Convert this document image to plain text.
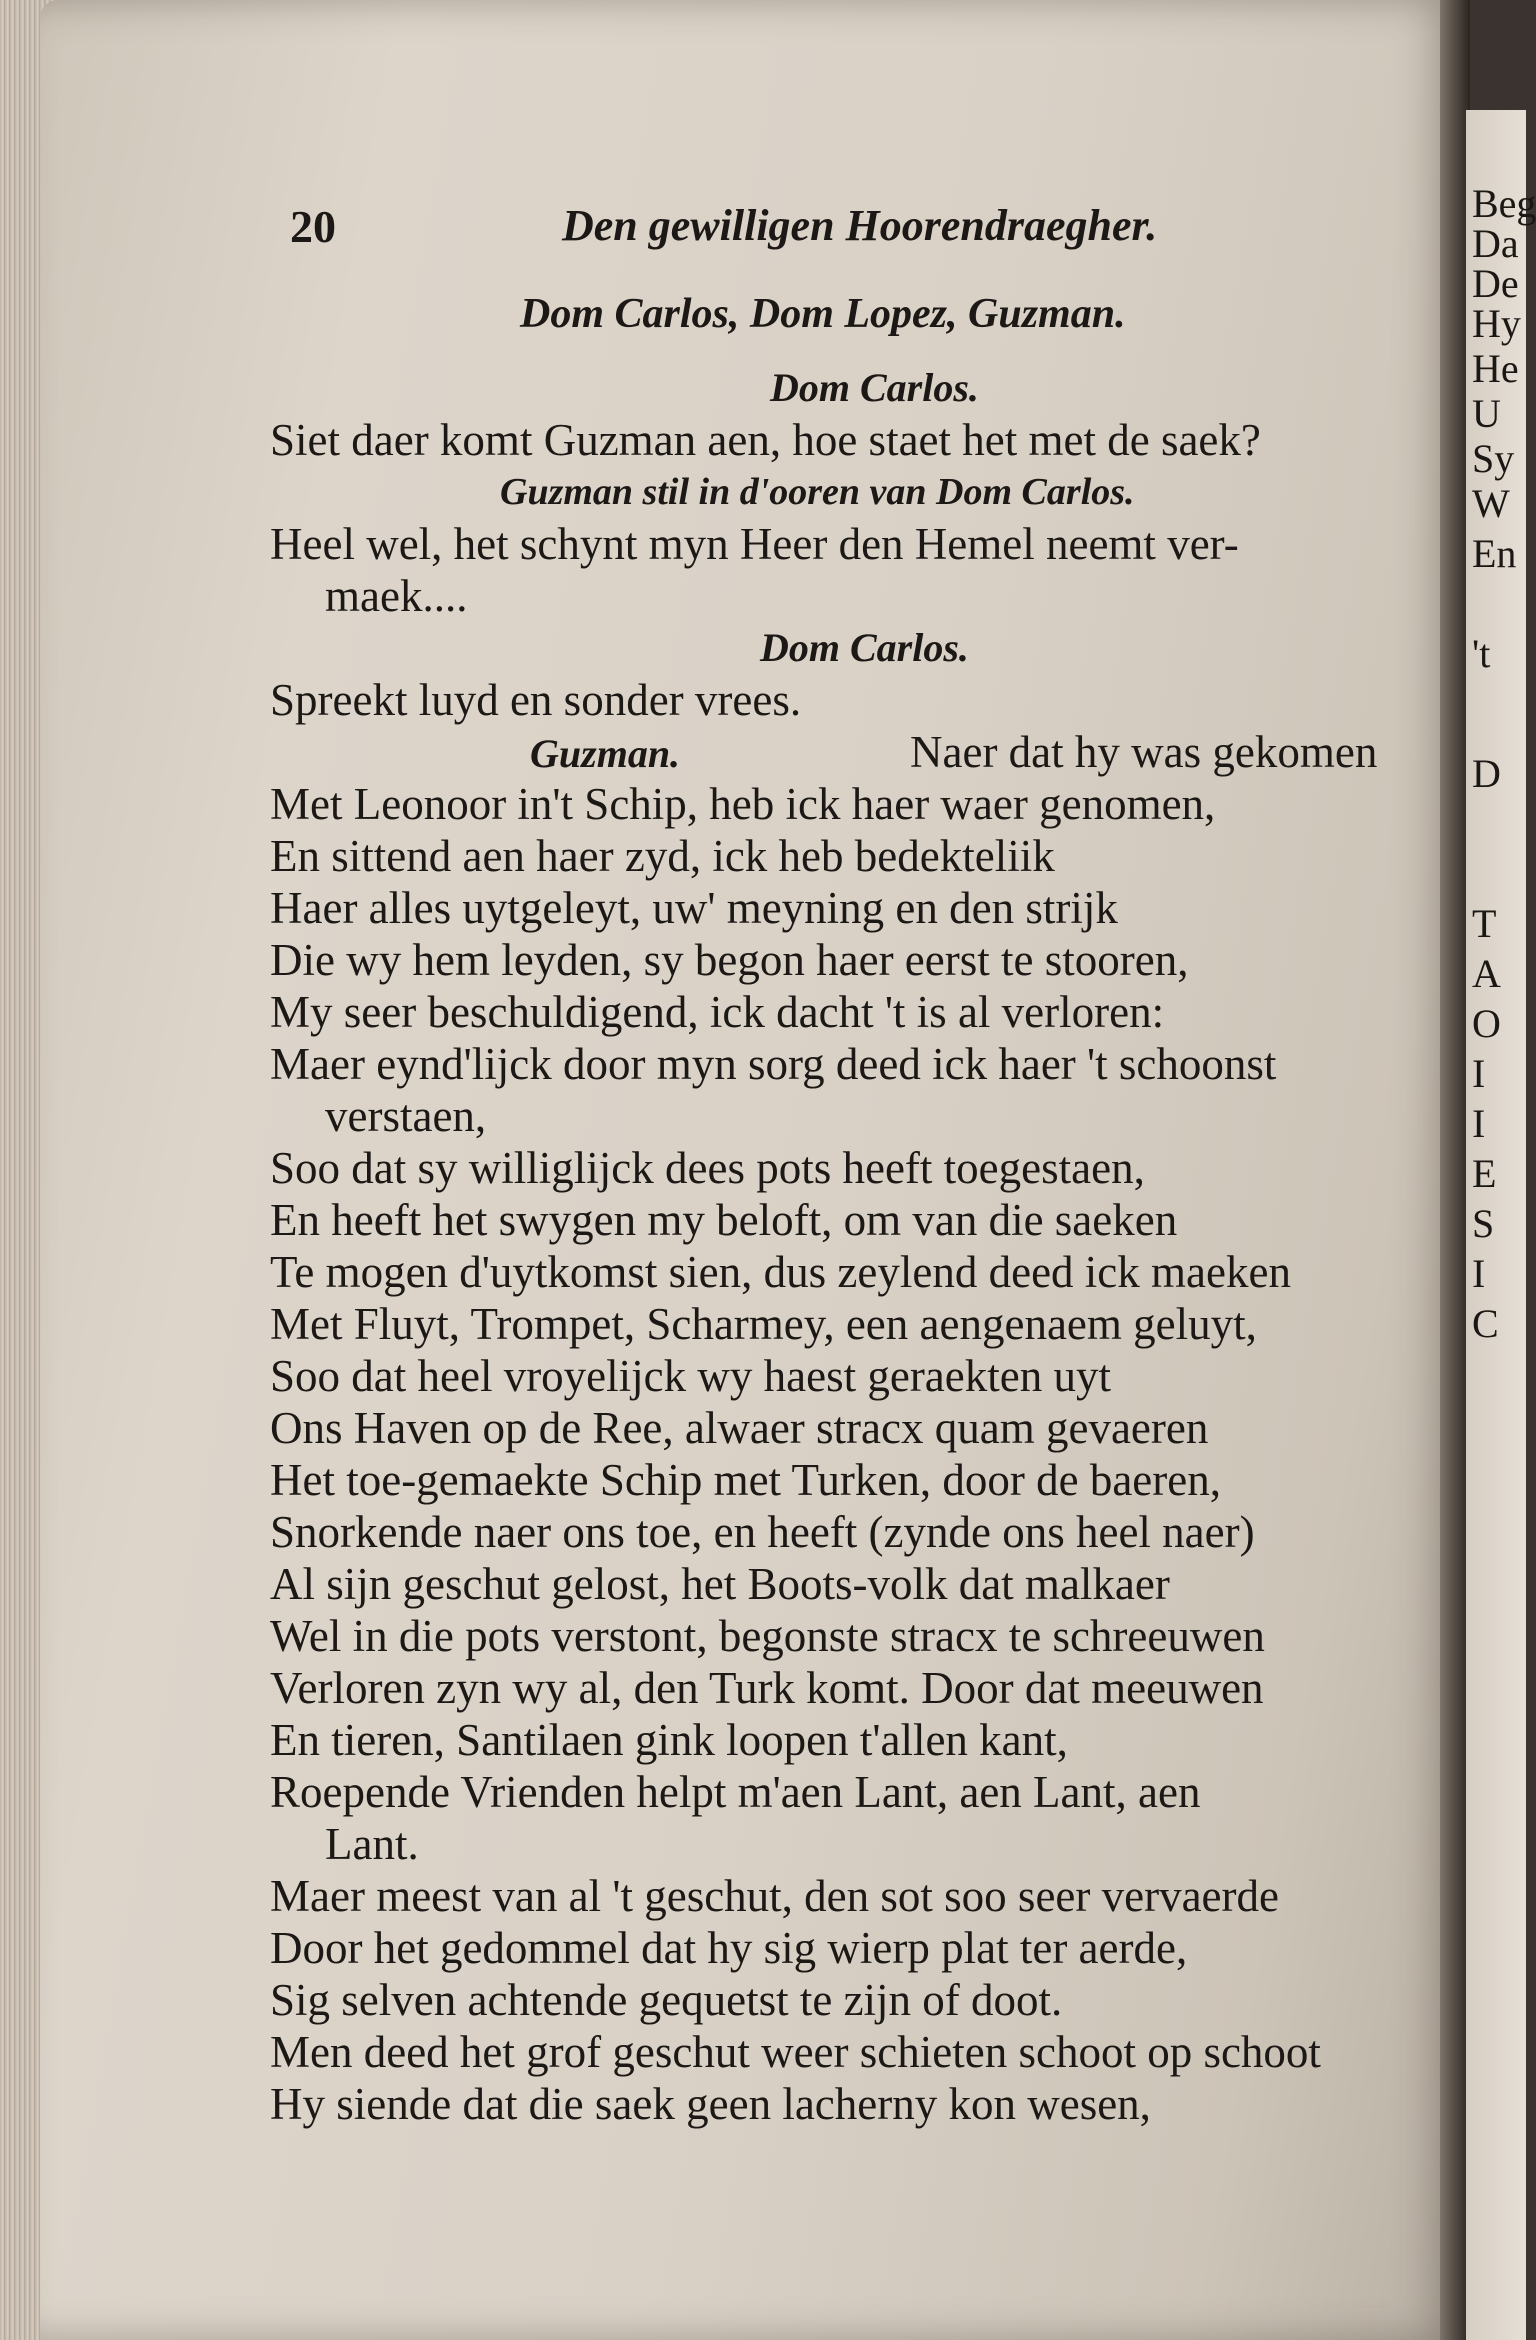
Beg
Da
De
Hy
He
U
Sy
W
En
't
D
T
A
O
I
I
E
S
I
C
20	Den gewilligen Hoorendraegher.
Dom Carlos, Dom Lopez, Guzman.
Dom Carlos.
Siet daer komt Guzman aen, hoe staet het met de saek?
Guzman stil in d'ooren van Dom Carlos.
Heel wel, het schynt myn Heer den Hemel neemt ver-
maek....
Dom Carlos.
Spreekt luyd en sonder vrees.
Guzman.	Naer dat hy was gekomen
Met Leonoor in't Schip, heb ick haer waer genomen,
En sittend aen haer zyd, ick heb bedekteliik
Haer alles uytgeleyt, uw' meyning en den strijk
Die wy hem leyden, sy begon haer eerst te stooren,
My seer beschuldigend, ick dacht 't is al verloren:
Maer eynd'lijck door myn sorg deed ick haer 't schoonst
verstaen,
Soo dat sy williglijck dees pots heeft toegestaen,
En heeft het swygen my beloft, om van die saeken
Te mogen d'uytkomst sien, dus zeylend deed ick maeken
Met Fluyt, Trompet, Scharmey, een aengenaem geluyt,
Soo dat heel vroyelijck wy haest geraekten uyt
Ons Haven op de Ree, alwaer stracx quam gevaeren
Het toe-gemaekte Schip met Turken, door de baeren,
Snorkende naer ons toe, en heeft (zynde ons heel naer)
Al sijn geschut gelost, het Boots-volk dat malkaer
Wel in die pots verstont, begonste stracx te schreeuwen
Verloren zyn wy al, den Turk komt. Door dat meeuwen
En tieren, Santilaen gink loopen t'allen kant,
Roepende Vrienden helpt m'aen Lant, aen Lant, aen
Lant.
Maer meest van al 't geschut, den sot soo seer vervaerde
Door het gedommel dat hy sig wierp plat ter aerde,
Sig selven achtende gequetst te zijn of doot.
Men deed het grof geschut weer schieten schoot op schoot
Hy siende dat die saek geen lacherny kon wesen,
